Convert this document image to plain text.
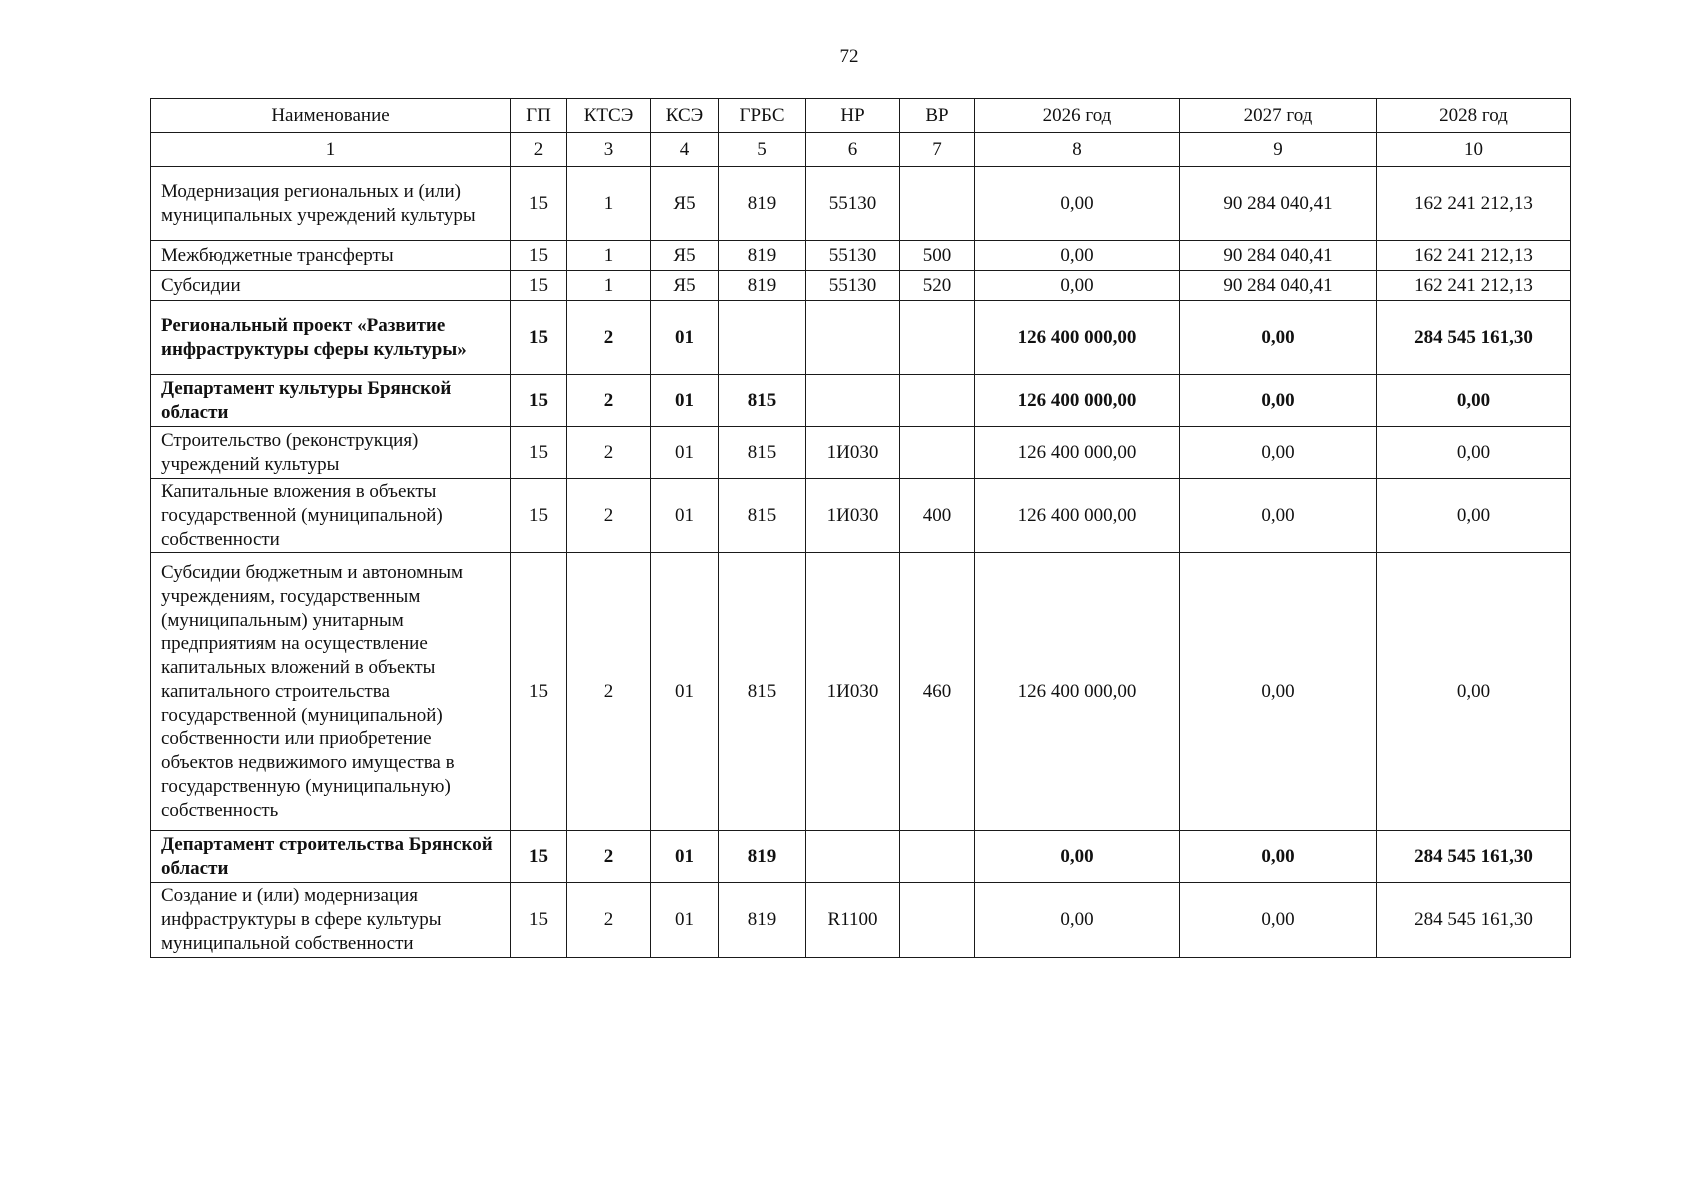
72
Наименование	ГП	КТСЭ	КСЭ	ГРБС	НР	ВР	2026 год	2027 год	2028 год
1	2	3	4	5	6	7	8	9	10
Модернизация региональных и (или) муниципальных учреждений культуры	15	1	Я5	819	55130		0,00	90 284 040,41	162 241 212,13
Межбюджетные трансферты	15	1	Я5	819	55130	500	0,00	90 284 040,41	162 241 212,13
Субсидии	15	1	Я5	819	55130	520	0,00	90 284 040,41	162 241 212,13
Региональный проект «Развитие инфраструктуры сферы культуры»	15	2	01				126 400 000,00	0,00	284 545 161,30
Департамент культуры Брянской области	15	2	01	815			126 400 000,00	0,00	0,00
Строительство (реконструкция) учреждений культуры	15	2	01	815	1И030		126 400 000,00	0,00	0,00
Капитальные вложения в объекты государственной (муниципальной) собственности	15	2	01	815	1И030	400	126 400 000,00	0,00	0,00
Субсидии бюджетным и автономным учреждениям, государственным (муниципальным) унитарным предприятиям на осуществление капитальных вложений в объекты капитального строительства государственной (муниципальной) собственности или приобретение объектов недвижимого имущества в государственную (муниципальную) собственность	15	2	01	815	1И030	460	126 400 000,00	0,00	0,00
Департамент строительства Брянской области	15	2	01	819			0,00	0,00	284 545 161,30
Создание и (или) модернизация инфраструктуры в сфере культуры муниципальной собственности	15	2	01	819	R1100		0,00	0,00	284 545 161,30
